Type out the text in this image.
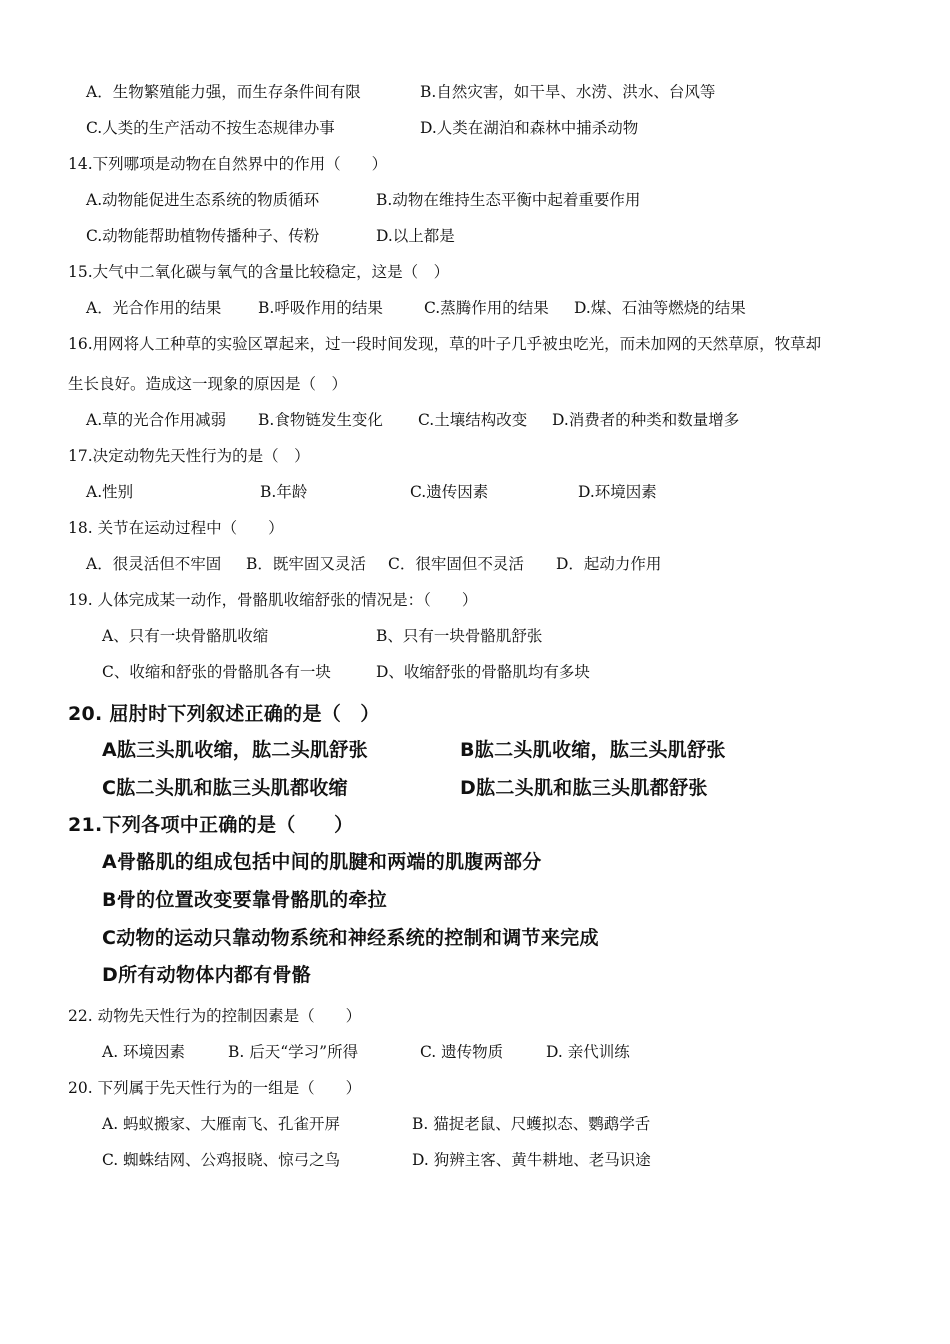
A．生物繁殖能力强，而生存条件间有限	B.自然灾害，如干旱、水涝、洪水、台风等
C.人类的生产活动不按生态规律办事	D.人类在湖泊和森林中捕杀动物
14.下列哪项是动物在自然界中的作用（　　）
A.动物能促进生态系统的物质循环	B.动物在维持生态平衡中起着重要作用
C.动物能帮助植物传播种子、传粉	D.以上都是
15.大气中二氧化碳与氧气的含量比较稳定，这是（　）
A．光合作用的结果 B.呼吸作用的结果	C.蒸腾作用的结果 D.煤、石油等燃烧的结果
16.用网将人工种草的实验区罩起来，过一段时间发现，草的叶子几乎被虫吃光，而未加网的天然草原，牧草却
生长良好。造成这一现象的原因是（　）
A.草的光合作用减弱 B.食物链发生变化 C.土壤结构改变 D.消费者的种类和数量增多
17.决定动物先天性行为的是（　）
A.性别	B.年龄	C.遗传因素	D.环境因素
18. 关节在运动过程中（　　）
A．很灵活但不牢固 B．既牢固又灵活 C．很牢固但不灵活 D．起动力作用
19. 人体完成某一动作，骨骼肌收缩舒张的情况是：（　　）
A、只有一块骨骼肌收缩	B、只有一块骨骼肌舒张
C、收缩和舒张的骨骼肌各有一块	D、收缩舒张的骨骼肌均有多块
20. 屈肘时下列叙述正确的是（　）
A肱三头肌收缩，肱二头肌舒张	B肱二头肌收缩，肱三头肌舒张
C肱二头肌和肱三头肌都收缩	D肱二头肌和肱三头肌都舒张
21.下列各项中正确的是（　　）
A骨骼肌的组成包括中间的肌腱和两端的肌腹两部分
B骨的位置改变要靠骨骼肌的牵拉
C动物的运动只靠动物系统和神经系统的控制和调节来完成
D所有动物体内都有骨骼
22. 动物先天性行为的控制因素是（　　）
A. 环境因素	B. 后天“学习”所得	C. 遗传物质	D. 亲代训练
20. 下列属于先天性行为的一组是（　　）
A. 蚂蚁搬家、大雁南飞、孔雀开屏	B. 猫捉老鼠、尺蠖拟态、鹦鹉学舌
C. 蜘蛛结网、公鸡报晓、惊弓之鸟	D. 狗辨主客、黄牛耕地、老马识途
